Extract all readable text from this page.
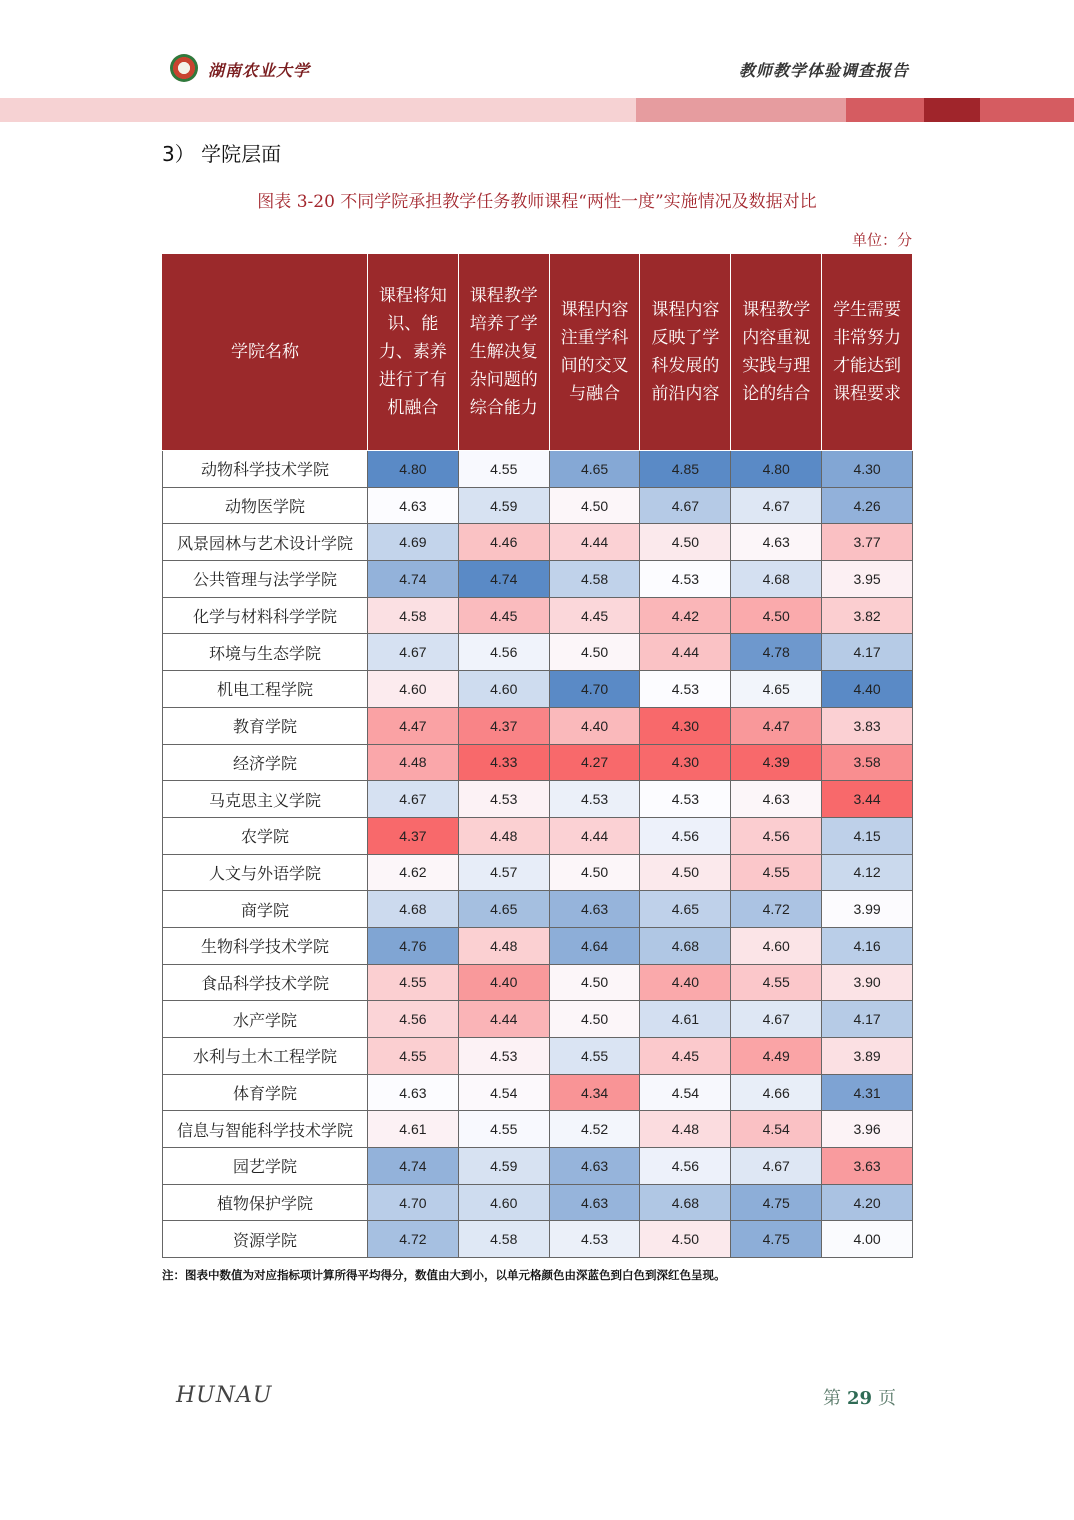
湖南农业大学	教师教学体验调查报告
3） 学院层面
图表 3-20 不同学院承担教学任务教师课程“两性一度”实施情况及数据对比
单位：分
学院名称	课程将知识、能力、素养进行了有机融合	课程教学培养了学生解决复杂问题的综合能力	课程内容注重学科间的交叉与融合	课程内容反映了学科发展的前沿内容	课程教学内容重视实践与理论的结合	学生需要非常努力才能达到课程要求
动物科学技术学院	4.80	4.55	4.65	4.85	4.80	4.30
动物医学院	4.63	4.59	4.50	4.67	4.67	4.26
风景园林与艺术设计学院	4.69	4.46	4.44	4.50	4.63	3.77
公共管理与法学学院	4.74	4.74	4.58	4.53	4.68	3.95
化学与材料科学学院	4.58	4.45	4.45	4.42	4.50	3.82
环境与生态学院	4.67	4.56	4.50	4.44	4.78	4.17
机电工程学院	4.60	4.60	4.70	4.53	4.65	4.40
教育学院	4.47	4.37	4.40	4.30	4.47	3.83
经济学院	4.48	4.33	4.27	4.30	4.39	3.58
马克思主义学院	4.67	4.53	4.53	4.53	4.63	3.44
农学院	4.37	4.48	4.44	4.56	4.56	4.15
人文与外语学院	4.62	4.57	4.50	4.50	4.55	4.12
商学院	4.68	4.65	4.63	4.65	4.72	3.99
生物科学技术学院	4.76	4.48	4.64	4.68	4.60	4.16
食品科学技术学院	4.55	4.40	4.50	4.40	4.55	3.90
水产学院	4.56	4.44	4.50	4.61	4.67	4.17
水利与土木工程学院	4.55	4.53	4.55	4.45	4.49	3.89
体育学院	4.63	4.54	4.34	4.54	4.66	4.31
信息与智能科学技术学院	4.61	4.55	4.52	4.48	4.54	3.96
园艺学院	4.74	4.59	4.63	4.56	4.67	3.63
植物保护学院	4.70	4.60	4.63	4.68	4.75	4.20
资源学院	4.72	4.58	4.53	4.50	4.75	4.00
注：图表中数值为对应指标项计算所得平均得分，数值由大到小，以单元格颜色由深蓝色到白色到深红色呈现。
HUNAU	第 29 页
